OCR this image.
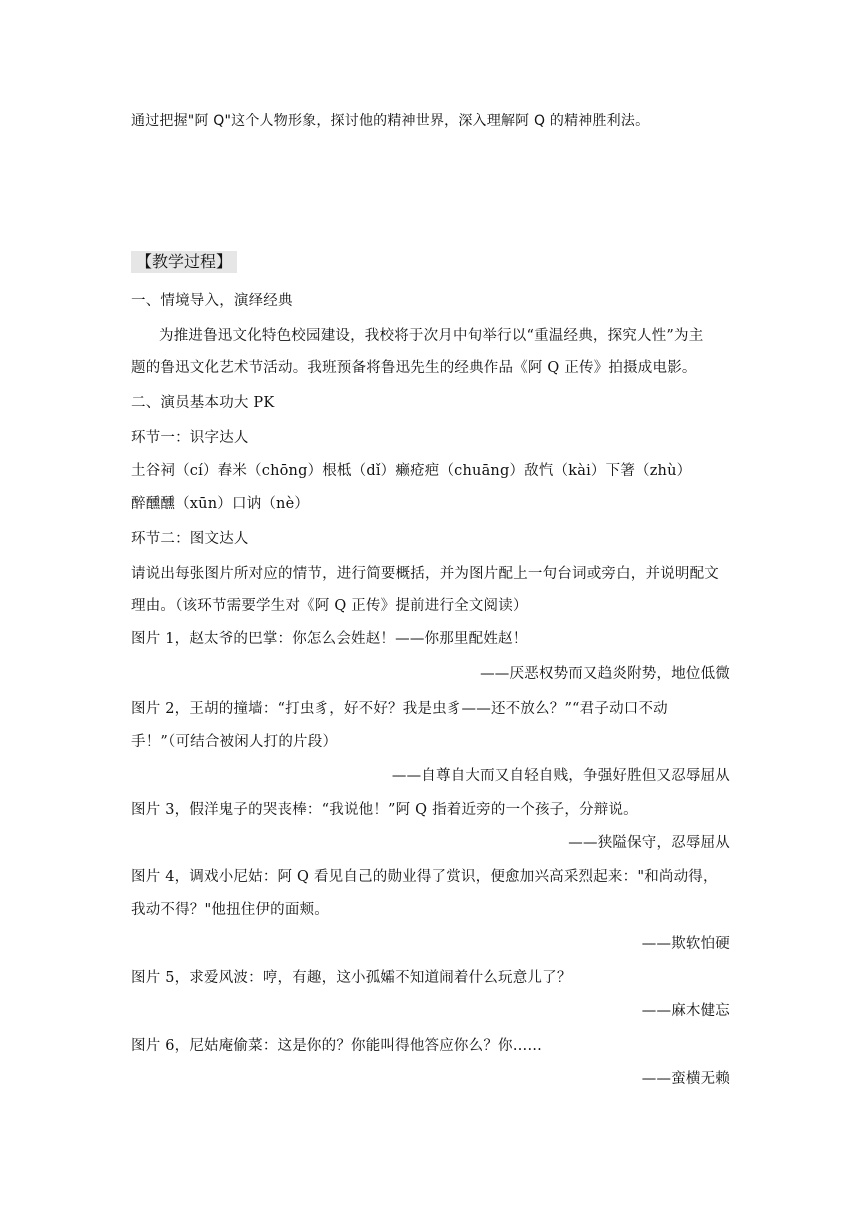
通过把握"阿 Q"这个人物形象，探讨他的精神世界，深入理解阿 Q 的精神胜利法。
【教学过程】
一、情境导入，演绎经典
为推进鲁迅文化特色校园建设，我校将于次月中旬举行以“重温经典，探究人性”为主
题的鲁迅文化艺术节活动。我班预备将鲁迅先生的经典作品《阿 Q 正传》拍摄成电影。
二、演员基本功大 PK
环节一：识字达人
土谷祠（cí）舂米（chōng）根柢（dǐ）癞疮疤（chuāng）敌忾（kài）下箸（zhù）
醉醺醺（xūn）口讷（nè）
环节二：图文达人
请说出每张图片所对应的情节，进行简要概括，并为图片配上一句台词或旁白，并说明配文
理由。（该环节需要学生对《阿 Q 正传》提前进行全文阅读）
图片 1，赵太爷的巴掌：你怎么会姓赵！——你那里配姓赵！
——厌恶权势而又趋炎附势，地位低微
图片 2，王胡的撞墙：“打虫豸，好不好？我是虫豸——还不放么？”“君子动口不动
手！”（可结合被闲人打的片段）
——自尊自大而又自轻自贱，争强好胜但又忍辱屈从
图片 3，假洋鬼子的哭丧棒：“我说他！”阿 Q 指着近旁的一个孩子，分辩说。
——狭隘保守，忍辱屈从
图片 4，调戏小尼姑：阿 Q 看见自己的勋业得了赏识，便愈加兴高采烈起来："和尚动得，
我动不得？"他扭住伊的面颊。
——欺软怕硬
图片 5，求爱风波：哼，有趣，这小孤孀不知道闹着什么玩意儿了？
——麻木健忘
图片 6，尼姑庵偷菜：这是你的？你能叫得他答应你么？你……
——蛮横无赖
